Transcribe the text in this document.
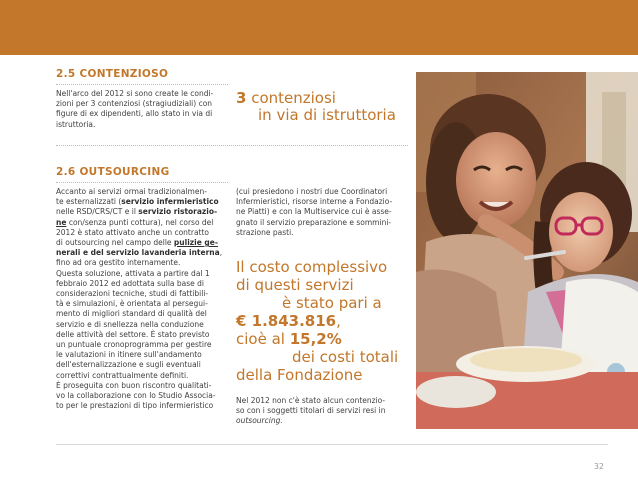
2.5 CONTENZIOSO

Nell'arco del 2012 si sono create le condi-

zioni per 3 contenziosi (stragiudiziali) con

figure di ex dipendenti, allo stato in via di

istruttoria.

3 contenziosi
in via di istruttoria

2.6 OUTSOURCING

Accanto ai servizi ormai tradizionalmen-

te esternalizzati (servizio infermieristico

nelle RSD/CRS/CT e il servizio ristorazio-

ne con/senza punti cottura), nel corso del

2012 è stato attivato anche un contratto

di outsourcing nel campo delle pulizie ge-

nerali e del servizio lavanderia interna,

fino ad ora gestito internamente.

Questa soluzione, attivata a partire dal 1

febbraio 2012 ed adottata sulla base di

considerazioni tecniche, studi di fattibili-

tà e simulazioni, è orientata al persegui-

mento di migliori standard di qualità del

servizio e di snellezza nella conduzione

delle attività del settore. È stato previsto

un puntuale cronoprogramma per gestire

le valutazioni in itinere sull'andamento

dell'esternalizzazione e sugli eventuali

correttivi contrattualmente definiti.

È proseguita con buon riscontro qualitati-

vo la collaborazione con lo Studio Associa-

to per le prestazioni di tipo infermieristico

(cui presiedono i nostri due Coordinatori

Infermieristici, risorse interne a Fondazio-

ne Piatti) e con la Multiservice cui è asse-

gnato il servizio preparazione e sommini-

strazione pasti.

Il costo complessivo
di questi servizi
è stato pari a
€ 1.843.816,
cioè al 15,2%
dei costi totali
della Fondazione

Nel 2012 non c'è stato alcun contenzio-

so con i soggetti titolari di servizi resi in

outsourcing.

32
